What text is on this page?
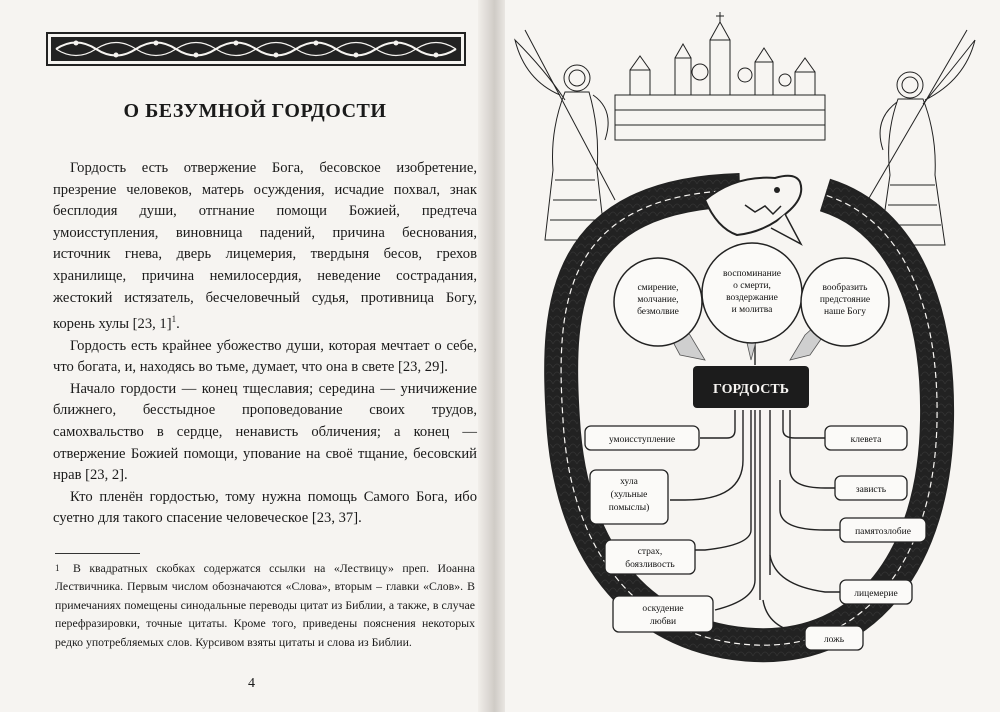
О БЕЗУМНОЙ ГОРДОСТИ

Гордость есть отвержение Бога, бесовское изобретение, презрение человеков, матерь осуждения, исчадие похвал, знак бесплодия души, отгнание помощи Божией, предтеча умоисступления, виновница падений, причина беснования, источник гнева, дверь лицемерия, твердыня бесов, грехов хранилище, причина немилосердия, неведение сострадания, жестокий истязатель, бесчеловечный судья, противница Богу, корень хулы [23, 1]$^1$.

Гордость есть крайнее убожество души, которая мечтает о себе, что богата, и, находясь во тьме, думает, что она в свете [23, 29].

Начало гордости — конец тщеславия; середина — уничижение ближнего, бесстыдное проповедование своих трудов, самохвальство в сердце, ненависть обличения; а конец — отвержение Божией помощи, упование на своё тщание, бесовский нрав [23, 2].

Кто пленён гордостью, тому нужна помощь Самого Бога, ибо суетно для такого спасение человеческое [23, 37].

1 В квадратных скобках содержатся ссылки на «Лествицу» преп. Иоанна Лествичника. Первым числом обозначаются «Слова», вторым – главки «Слов». В примечаниях помещены синодальные переводы цитат из Библии, а также, в случае перефразировки, точные цитаты. Кроме того, приведены пояснения некоторых редко употребляемых слов. Курсивом взяты цитаты и слова из Библии.
4
смирение,
молчание,
безмолвие
воспоминание
о смерти,
воздержание
и молитва
вообразить
предстояние
наше Богу
ГОРДОСТЬ
умоисступление
хула
(хульные
помыслы)
страх,
боязливость
оскудение
любви
клевета
зависть
памятозлобие
лицемерие
ложь
